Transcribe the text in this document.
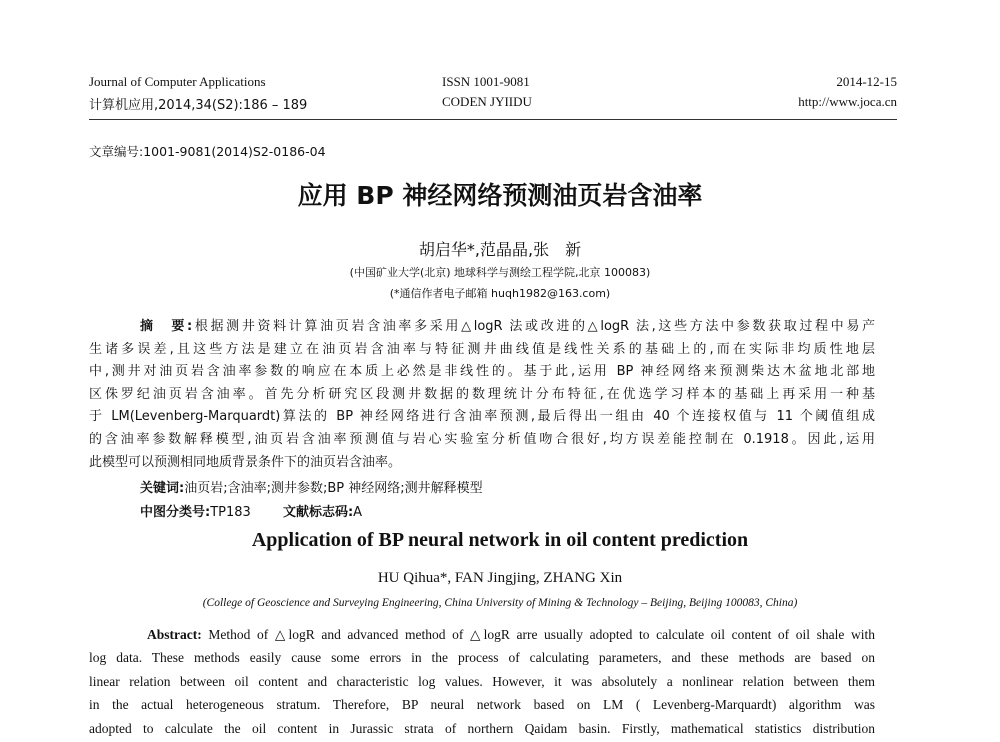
Journal of Computer Applications
计算机应用,2014,34(S2):186 – 189
ISSN 1001-9081
CODEN JYIIDU
2014-12-15
http://www.joca.cn
文章编号:1001-9081(2014)S2-0186-04
应用 BP 神经网络预测油页岩含油率
胡启华*,范晶晶,张　新
(中国矿业大学(北京) 地球科学与测绘工程学院,北京 100083)
(*通信作者电子邮箱 huqh1982@163.com)
摘　要:根据测井资料计算油页岩含油率多采用△logR 法或改进的△logR 法,这些方法中参数获取过程中易产
生诸多误差,且这些方法是建立在油页岩含油率与特征测井曲线值是线性关系的基础上的,而在实际非均质性地层
中,测井对油页岩含油率参数的响应在本质上必然是非线性的。基于此,运用 BP 神经网络来预测柴达木盆地北部地
区侏罗纪油页岩含油率。首先分析研究区段测井数据的数理统计分布特征,在优选学习样本的基础上再采用一种基
于 LM(Levenberg-Marquardt)算法的 BP 神经网络进行含油率预测,最后得出一组由 40 个连接权值与 11 个阈值组成
的含油率参数解释模型,油页岩含油率预测值与岩心实验室分析值吻合很好,均方误差能控制在 0.1918。因此,运用
此模型可以预测相同地质背景条件下的油页岩含油率。
关键词:油页岩;含油率;测井参数;BP 神经网络;测井解释模型
中图分类号:TP183 文献标志码:A
Application of BP neural network in oil content prediction
HU Qihua*, FAN Jingjing, ZHANG Xin
(College of Geoscience and Surveying Engineering, China University of Mining & Technology – Beijing, Beijing 100083, China)
Abstract: Method of △logR and advanced method of △logR arre usually adopted to calculate oil content of oil shale with
log data. These methods easily cause some errors in the process of calculating parameters, and these methods are based on
linear relation between oil content and characteristic log values. However, it was absolutely a nonlinear relation between them
in the actual heterogeneous stratum. Therefore, BP neural network based on LM ( Levenberg-Marquardt) algorithm was
adopted to calculate the oil content in Jurassic strata of northern Qaidam basin. Firstly, mathematical statistics distribution
